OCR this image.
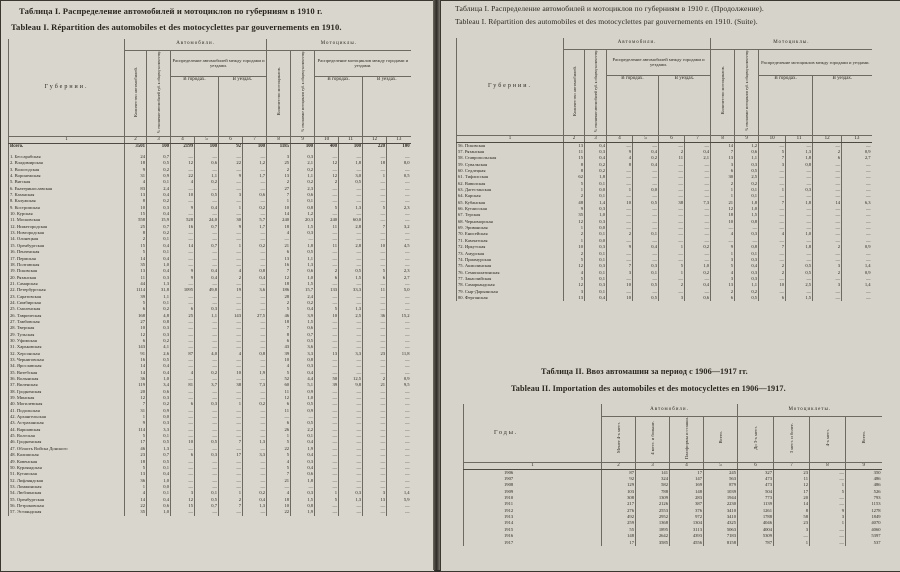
Таблица I. Распределение автомобилей и мотоциклов по губерниям в 1910 г.
Tableau I. Répartition des automobiles et des motocyclettes par gouvernements en 1910.
Губернии.	Автомобили.						Мотоциклы.					
	Количество автомобилей.	% отношение автомобилей губ. к общему количеству.	Распределение автомобилей между городами и уездами.				Количество мотоциклов.	% отношение мотоциклов губ. к общему количеству.	Распределение мотоциклов между городами и уездами.			
			В городах.		В уездах.				В городах.		В уездах.	
1	2	3	4	5	6	7	8	9	10	11	12	13
Всего.	3501	100	2199	100	92	100	1185	100	400	100	220	100

1. Бессарабская	24	0,7	—	—	—	—	3	0,3	—	—	—	—
2. Владимирская	18	0,5	12	0,6	22	1,2	25	2,1	12	1,8	18	8,0
3. Вологодская	9	0,2	—	—	—	—	2	0,2	—	—	—	—
4. Воронежская	31	0,9	22	1,1	9	1,7	13	1,1	12	3,0	1	0,5
5. Вятская	4	0,1	4	0,2	—	—	2	0,2	2	0,5	—	—
6. Екатеринославская	83	2,4	—	—	—	—	27	2,3	—	—	—	—
7. Казанская	13	0,4	10	0,5	3	0,6	7	0,6	—	—	—	—
8. Калужская	8	0,2	—	—	—	—	1	0,1	—	—	—	—
9. Костромская	10	0,3	9	0,4	1	0,2	10	0,8	5	1,3	5	2,3
10. Курская	15	0,4	—	—	—	—	14	1,2	—	—	—	—
11. Московская	558	15,9	528	24,0	30	5,7	240	20,3	240	60,0	—	—
12. Нижегородская	25	0,7	16	0,7	9	1,7	18	1,5	11	2,8	7	3,2
13. Новгородская	8	0,2	—	—	—	—	4	0,3	—	—	—	—
14. Олонецкая	2	0,1	—	—	—	—	—	—	—	—	—	—
15. Оренбургская	15	0,4	14	0,7	1	0,2	21	1,8	11	2,8	10	4,5
16. Пензенская	5	0,1	—	—	—	—	6	0,5	—	—	—	—
17. Пермская	14	0,4	—	—	—	—	13	1,1	—	—	—	—
18. Полтавская	35	1,0	—	—	—	—	16	1,3	—	—	—	—
19. Псковская	13	0,4	9	0,4	4	0,8	7	0,6	2	0,5	5	2,3
20. Рязанская	11	0,3	9	0,4	2	0,4	12	1,0	6	1,5	6	2,7
21. Самарская	44	1,3	—	—	—	—	18	1,5	—	—	—	—
22. Петербургская	1114	31,8	1095	49,8	19	3,6	186	15,7	133	33,3	11	5,0
23. Саратовская	39	1,1	—	—	—	—	28	2,4	—	—	—	—
24. Симбирская	5	0,1	—	—	—	—	2	0,2	—	—	—	—
25. Смоленская	6	0,2	6	0,3	—	—	5	0,4	5	1,3	—	—
26. Таврическая	168	4,8	25	1,1	143	27,5	46	3,9	10	2,5	36	15,2
27. Тамбовская	27	0,8	—	—	—	—	18	1,5	—	—	—	—
28. Тверская	10	0,3	—	—	—	—	7	0,6	—	—	—	—
29. Тульская	12	0,3	—	—	—	—	8	0,7	—	—	—	—
30. Уфимская	6	0,2	—	—	—	—	6	0,5	—	—	—	—
31. Харьковская	143	4,1	—	—	—	—	43	3,6	—	—	—	—
32. Херсонская	91	2,6	87	4,0	4	0,8	39	3,3	13	3,3	23	11,8
33. Черниговская	16	0,5	—	—	—	—	10	0,8	—	—	—	—
34. Ярославская	14	0,4	—	—	—	—	4	0,3	—	—	—	—
35. Витебская	14	0,4	4	0,2	10	1,9	5	0,4	—	—	—	—
36. Волынская	36	1,0	—	—	—	—	52	4,4	50	12,5	2	0,9
37. Виленская	119	3,4	81	3,7	38	7,3	60	5,1	39	9,8	21	9,5
38. Гродненская	20	0,6	—	—	—	—	11	0,9	—	—	—	—
39. Минская	12	0,3	—	—	—	—	12	1,0	—	—	—	—
40. Могилевская	7	0,2	6	0,3	1	0,2	6	0,5	—	—	—	—
41. Подольская	31	0,9	—	—	—	—	11	0,9	—	—	—	—
42. Архангельская	1	0,0	—	—	—	—	—	—	—	—	—	—
43. Астраханская	9	0,3	—	—	—	—	6	0,5	—	—	—	—
44. Варшавская	114	3,3	—	—	—	—	26	2,2	—	—	—	—
45. Волгская	5	0,1	—	—	—	—	1	0,1	—	—	—	—
46. Гродненская	17	0,5	10	0,5	7	1,3	5	0,4	—	—	—	—
47. Область Войска Донского	46	1,3	—	—	—	—	22	1,9	—	—	—	—
48. Калишская	23	0,7	6	0,3	17	3,3	5	0,4	—	—	—	—
49. Ковенская	18	0,5	—	—	—	—	4	0,3	—	—	—	—
50. Курляндская	5	0,1	—	—	—	—	5	0,4	—	—	—	—
51. Кутаиская	13	0,4	—	—	—	—	7	0,6	—	—	—	—
52. Лифляндская	36	1,0	—	—	—	—	21	1,8	—	—	—	—
53. Ломжинская	1	0,0	—	—	—	—	—	—	—	—	—	—
54. Люблинская	4	0,1	3	0,1	1	0,2	4	0,3	1	0,3	3	1,4
55. Оренбургская	14	0,4	12	0,5	2	0,4	18	1,5	5	1,3	13	5,9
56. Петроковская	22	0,6	15	0,7	7	1,3	10	0,8	—	—	—	—
57. Эстляндская	35	1,0	—	—	—	—	22	1,9	—	—	—	—
Таблица I. Распределение автомобилей и мотоциклов по губерниям в 1910 г. (Продолжение).
Tableau I. Répartition des automobiles et des motocyclettes par gouvernements en 1910. (Suite).
Губернии.	Автомобили.						Мотоциклы.					
	Количество автомобилей.	% отношение автомобилей губ. к общему количеству.	Распределение автомобилей между городами и уездами.				Количество мотоциклов.	% отношение мотоциклов губ. к общему количеству.	Распределение мотоциклов между городами и уездами.			
			В городах.		В уездах.				В городах.		В уездах.	
1	2	3	4	5	6	7	8	9	10	11	12	13
56. Псковская	13	0,4	—	—	—	—	14	1,2	—	—	—	—
57. Рязанская	11	0,3	9	0,4	2	0,4	7	0,6	5	1,3	2	0,9
58. Ставропольская	15	0,4	4	0,2	11	2,1	13	1,1	7	1,8	6	2,7
59. Сувалкская	8	0,2	8	0,4	—	—	3	0,3	3	0,8	—	—
60. Седлецкая	8	0,2	—	—	—	—	6	0,5	—	—	—	—
61. Тифлисская	62	1,8	—	—	—	—	30	2,5	—	—	—	—
62. Вавилская	5	0,1	—	—	—	—	2	0,2	—	—	—	—
63. Дагестанская	1	0,0	1	0,0	—	—	1	0,1	1	0,3	—	—
64. Карская	2	0,1	—	—	—	—	1	0,1	—	—	—	—
65. Кубанская	48	1,4	10	0,5	38	7,3	21	1,8	7	1,8	14	6,3
66. Кутаисская	9	0,3	—	—	—	—	12	1,0	—	—	—	—
67. Терская	35	1,0	—	—	—	—	18	1,5	—	—	—	—
68. Черноморская	12	0,3	—	—	—	—	10	0,8	—	—	—	—
69. Эриванская	1	0,0	—	—	—	—	—	—	—	—	—	—
70. Енисейская	2	0,1	2	0,1	—	—	4	0,3	4	1,0	—	—
71. Камчатская	1	0,0	—	—	—	—	—	—	—	—	—	—
72. Иркутская	10	0,3	9	0,4	1	0,2	9	0,8	7	1,8	2	0,9
73. Амурская	2	0,1	—	—	—	—	1	0,1	—	—	—	—
74. Приамурская	5	0,1	—	—	—	—	3	0,3	—	—	—	—
75. Акмолинская	12	0,3	7	0,3	5	1,0	5	0,4	2	0,5	3	1,4
76. Семипалатинская	4	0,1	3	0,1	1	0,2	4	0,3	2	0,5	2	0,9
77. Закаспийская	5	0,1	—	—	—	—	3	0,3	—	—	—	—
78. Самаркандская	12	0,3	10	0,5	2	0,4	13	1,1	10	2,5	3	1,4
79. Сыр-Дарьинская	3	0,1	—	—	—	—	2	0,2	—	—	—	—
80. Ферганская	13	0,4	10	0,5	3	0,6	6	0,5	6	1,5	—	—
Таблица II. Ввоз автомашин за период с 1906—1917 гг.
Tableau II. Importation des automobiles et des motocyclettes en 1906—1917.
Годы.	Автомобили.				Мотоциклеты.			
	Менее 4-х мест.	4 мест. и больше.	Платформы и станки.	Всего.	До 3-х мест.	3 мест. и более.	4-х мест.	Всего.
1	2	3	4	5	6	7	8	9
1906	87	141	17	245	327	23	—	350
1907	92	324	147	563	473	11	—	486
1908	129	582	169	879	473	12	1	486
1909	103	788	148	1039	504	17	5	526
1910	308	1309	283	1944	773	20	—	793
1911	217	2126	387	2230	1139	14	—	1153
1912	276	2553	376	3410	1261	8	9	1278
1913	492	2952	972	3410	1788	58	3	1849
1914	259	1368	1304	4325	4046	23	1	4070
1915	55	1895	3113	5063	4004	3	—	4060
1916	148	2642	4393	7183	5309	—	—	5397
1917	17	3585	4556	8158	787	1	—	537
